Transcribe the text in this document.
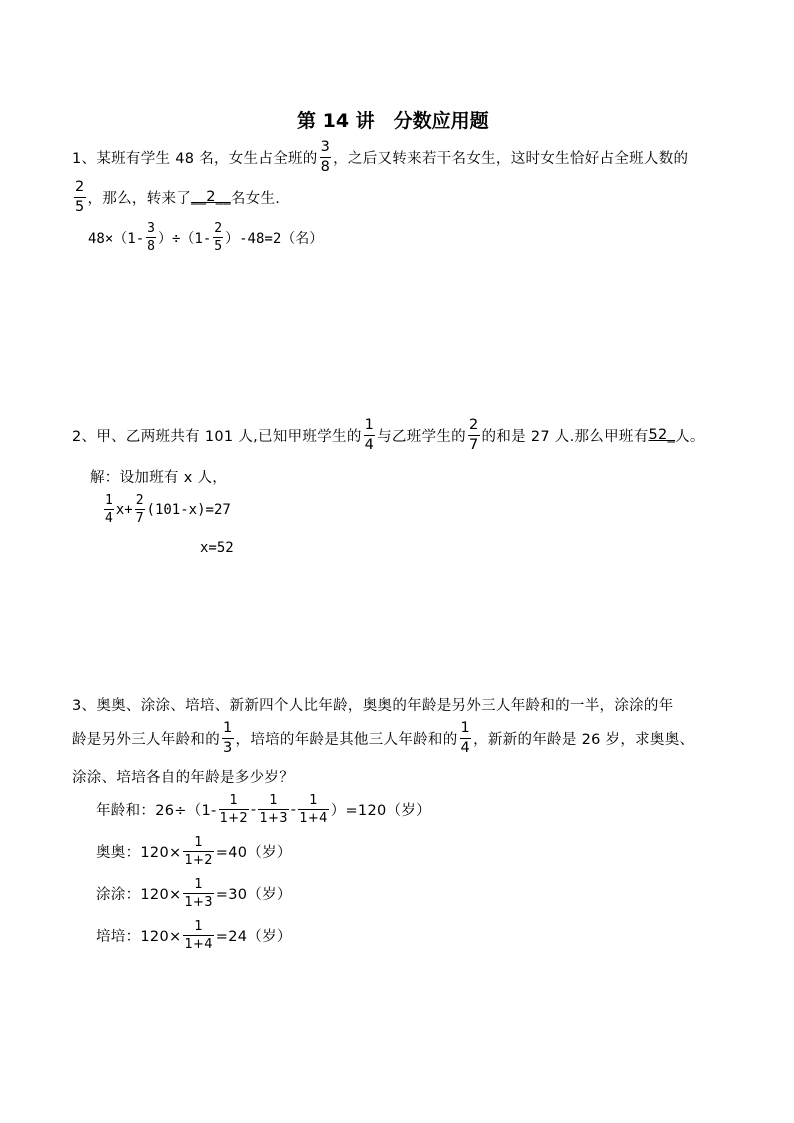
第 14 讲　分数应用题
1、某班有学生 48 名，女生占全班的 $\frac{3}{8}$ ，之后又转来若干名女生，这时女生恰好占全班人数的
$\frac{2}{5}$ ，那么，转来了 __2__ 名女生.
$48\times(1- \frac{3}{8} )\div(1- \frac{2}{5} )-48=2$（名）
2、甲、乙两班共有 101 人,已知甲班学生的 $\frac{1}{4}$ 与乙班学生的 $\frac{2}{7}$ 的和是 27 人.那么甲班有 52_ 人。
解：设加班有 x 人，
$\frac{1}{4} x+ \frac{2}{7} (101-x)=27$
x=52
3、奥奥、涂涂、培培、新新四个人比年龄，奥奥的年龄是另外三人年龄和的一半，涂涂的年
龄是另外三人年龄和的 $\frac{1}{3}$ ，培培的年龄是其他三人年龄和的 $\frac{1}{4}$ ，新新的年龄是 26 岁，求奥奥、
涂涂、培培各自的年龄是多少岁？
年龄和：$26\div(1- \frac{1}{1+2} - \frac{1}{1+3} - \frac{1}{1+4} )=120$（岁）
奥奥：$120\times \frac{1}{1+2} =40$（岁）
涂涂：$120\times \frac{1}{1+3} =30$（岁）
培培：$120\times \frac{1}{1+4} =24$（岁）
